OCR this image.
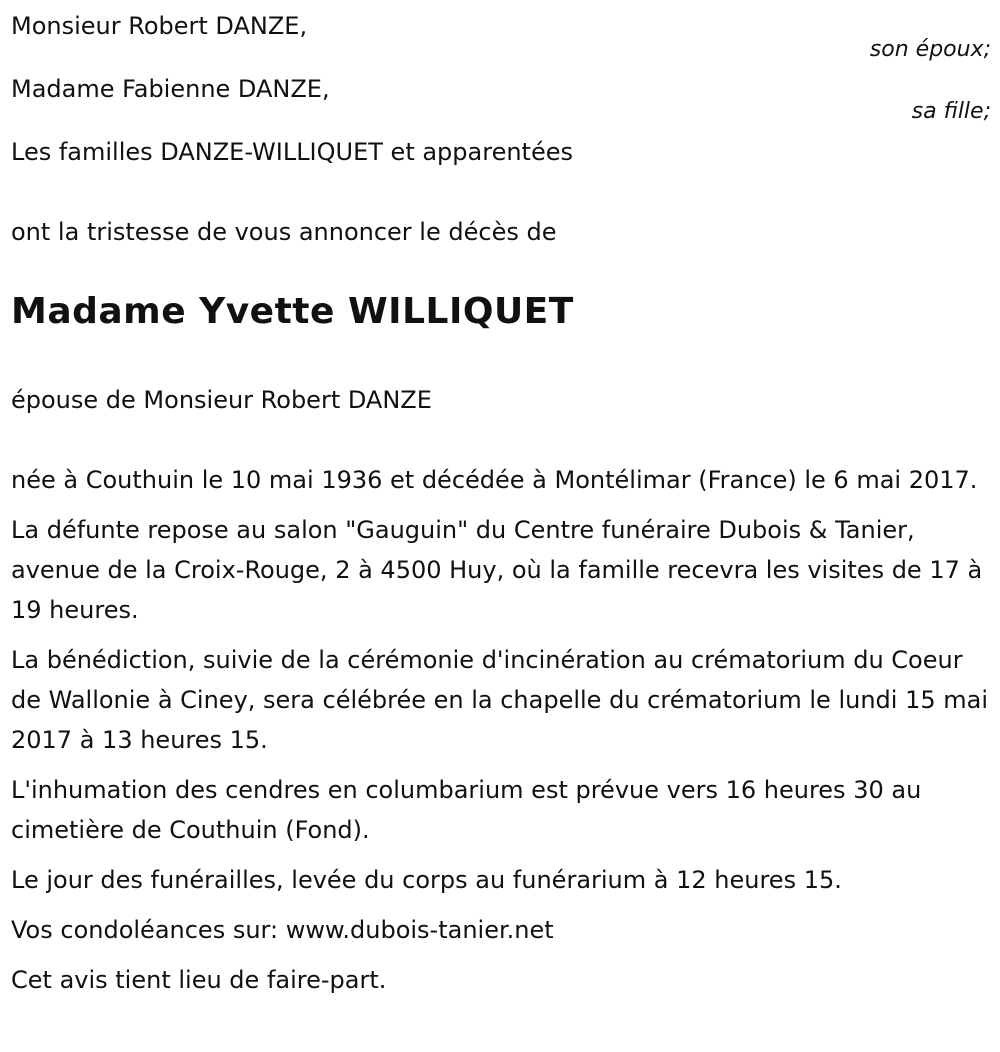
Monsieur Robert DANZE,

son époux;

Madame Fabienne DANZE,

sa fille;

Les familles DANZE-WILLIQUET et apparentées

ont la tristesse de vous annoncer le décès de

Madame Yvette WILLIQUET

épouse de Monsieur Robert DANZE

née à Couthuin le 10 mai 1936 et décédée à Montélimar (France) le 6 mai 2017.

La défunte repose au salon "Gauguin" du Centre funéraire Dubois & Tanier, avenue de la Croix-Rouge, 2 à 4500 Huy, où la famille recevra les visites de 17 à 19 heures.

La bénédiction, suivie de la cérémonie d'incinération au crématorium du Coeur de Wallonie à Ciney, sera célébrée en la chapelle du crématorium le lundi 15 mai 2017 à 13 heures 15.

L'inhumation des cendres en columbarium est prévue vers 16 heures 30 au cimetière de Couthuin (Fond).

Le jour des funérailles, levée du corps au funérarium à 12 heures 15.

Vos condoléances sur: www.dubois-tanier.net

Cet avis tient lieu de faire-part.
